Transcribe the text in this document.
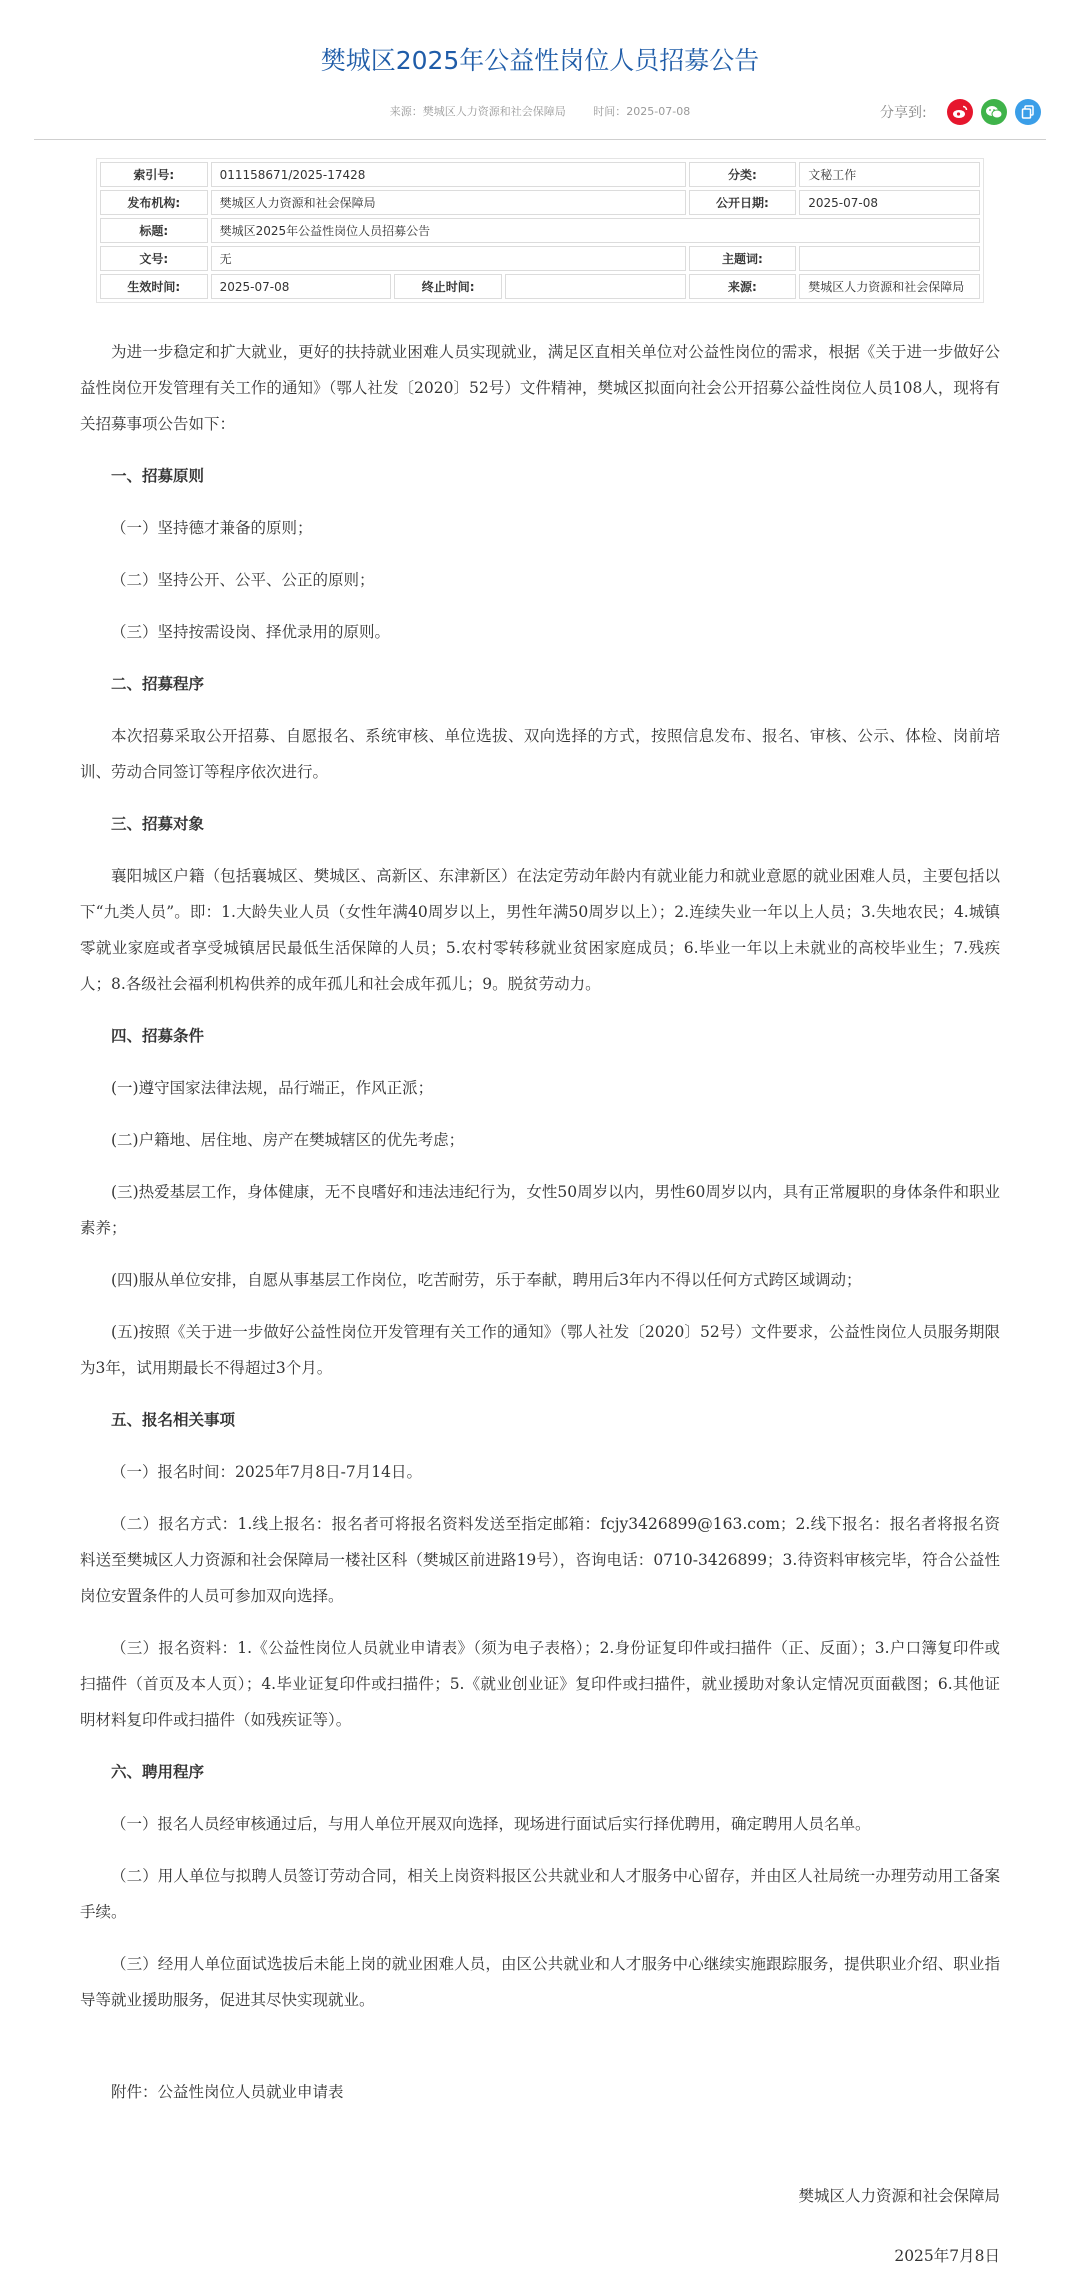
樊城区2025年公益性岗位人员招募公告
来源：樊城区人力资源和社会保障局	时间：2025-07-08	分享到:
索引号:	011158671/2025-17428			分类:	文秘工作
发布机构:	樊城区人力资源和社会保障局			公开日期:	2025-07-08
标题:	樊城区2025年公益性岗位人员招募公告				
文号:	无			主题词:	
生效时间:	2025-07-08	终止时间:		来源:	樊城区人力资源和社会保障局

为进一步稳定和扩大就业，更好的扶持就业困难人员实现就业，满足区直相关单位对公益性岗位的需求，根据《关于进一步做好公益性岗位开发管理有关工作的通知》（鄂人社发〔2020〕52号）文件精神，樊城区拟面向社会公开招募公益性岗位人员108人，现将有关招募事项公告如下：

一、招募原则

（一）坚持德才兼备的原则；

（二）坚持公开、公平、公正的原则；

（三）坚持按需设岗、择优录用的原则。

二、招募程序

本次招募采取公开招募、自愿报名、系统审核、单位选拔、双向选择的方式，按照信息发布、报名、审核、公示、体检、岗前培训、劳动合同签订等程序依次进行。

三、招募对象

襄阳城区户籍（包括襄城区、樊城区、高新区、东津新区）在法定劳动年龄内有就业能力和就业意愿的就业困难人员，主要包括以下“九类人员”。即：1.大龄失业人员（女性年满40周岁以上，男性年满50周岁以上）；2.连续失业一年以上人员；3.失地农民；4.城镇零就业家庭或者享受城镇居民最低生活保障的人员；5.农村零转移就业贫困家庭成员；6.毕业一年以上未就业的高校毕业生；7.残疾人；8.各级社会福利机构供养的成年孤儿和社会成年孤儿；9。脱贫劳动力。

四、招募条件

(一)遵守国家法律法规，品行端正，作风正派；

(二)户籍地、居住地、房产在樊城辖区的优先考虑；

(三)热爱基层工作，身体健康，无不良嗜好和违法违纪行为，女性50周岁以内，男性60周岁以内，具有正常履职的身体条件和职业素养；

(四)服从单位安排，自愿从事基层工作岗位，吃苦耐劳，乐于奉献，聘用后3年内不得以任何方式跨区域调动；

(五)按照《关于进一步做好公益性岗位开发管理有关工作的通知》（鄂人社发〔2020〕52号）文件要求，公益性岗位人员服务期限为3年，试用期最长不得超过3个月。

五、报名相关事项

（一）报名时间：2025年7月8日-7月14日。

（二）报名方式：1.线上报名：报名者可将报名资料发送至指定邮箱：fcjy3426899@163.com；2.线下报名：报名者将报名资料送至樊城区人力资源和社会保障局一楼社区科（樊城区前进路19号），咨询电话：0710-3426899；3.待资料审核完毕，符合公益性岗位安置条件的人员可参加双向选择。

（三）报名资料：1.《公益性岗位人员就业申请表》（须为电子表格）；2.身份证复印件或扫描件（正、反面）；3.户口簿复印件或扫描件（首页及本人页）；4.毕业证复印件或扫描件；5.《就业创业证》复印件或扫描件，就业援助对象认定情况页面截图；6.其他证明材料复印件或扫描件（如残疾证等）。

六、聘用程序

（一）报名人员经审核通过后，与用人单位开展双向选择，现场进行面试后实行择优聘用，确定聘用人员名单。

（二）用人单位与拟聘人员签订劳动合同，相关上岗资料报区公共就业和人才服务中心留存，并由区人社局统一办理劳动用工备案手续。

（三）经用人单位面试选拔后未能上岗的就业困难人员，由区公共就业和人才服务中心继续实施跟踪服务，提供职业介绍、职业指导等就业援助服务，促进其尽快实现就业。

附件：公益性岗位人员就业申请表

樊城区人力资源和社会保障局

2025年7月8日
